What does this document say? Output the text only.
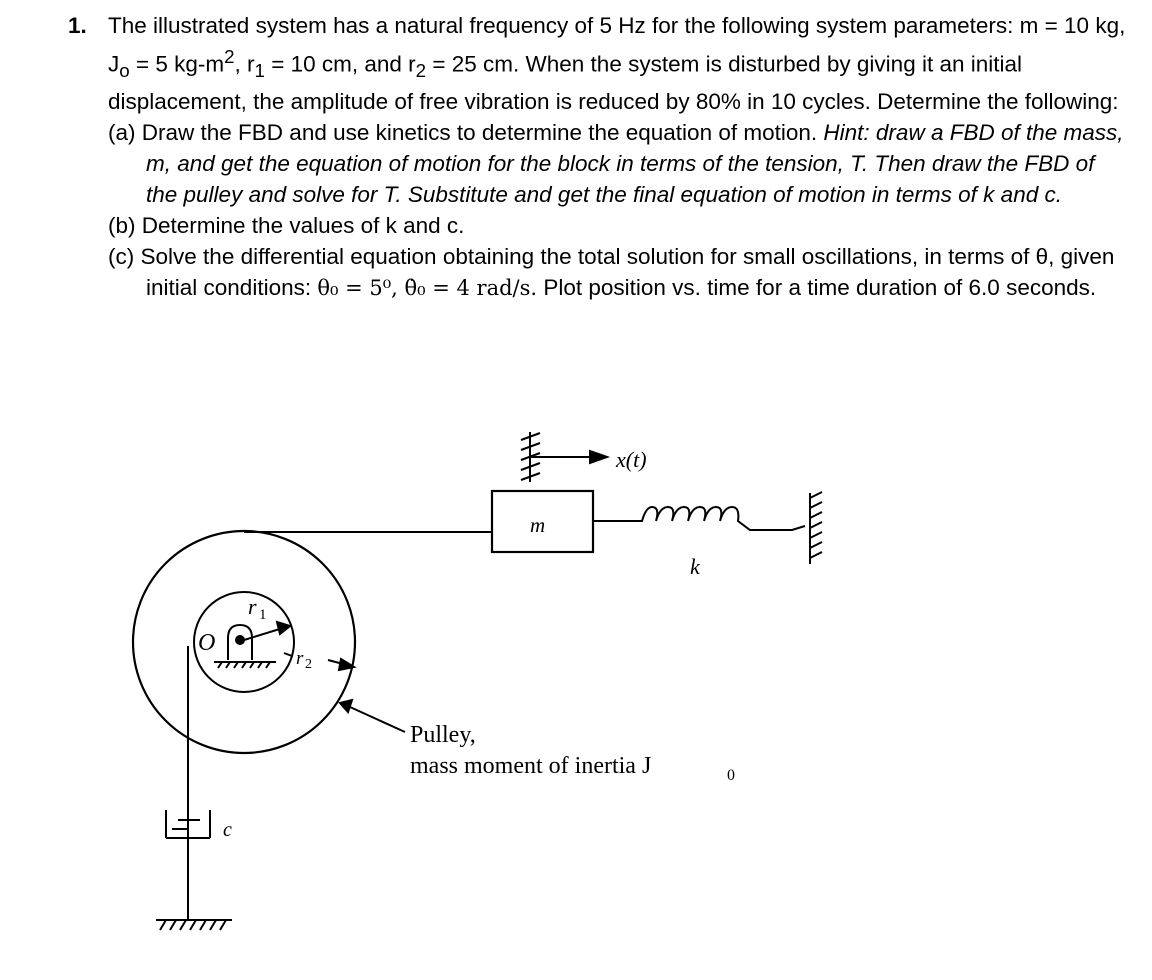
1. The illustrated system has a natural frequency of 5 Hz for the following system parameters: m = 10 kg, $J_o = 5$ $kg-m^2$, $r_1 = 10$ cm, and $r_2 = 25$ cm. When the system is disturbed by giving it an initial displacement, the amplitude of free vibration is reduced by 80% in 10 cycles. Determine the following:
(a) Draw the FBD and use kinetics to determine the equation of motion. Hint: draw a FBD of the mass, m, and get the equation of motion for the block in terms of the tension, T. Then draw the FBD of the pulley and solve for T. Substitute and get the final equation of motion in terms of k and c.
(b) Determine the values of k and c.
(c) Solve the differential equation obtaining the total solution for small oscillations, in terms of θ, given initial conditions: θ₀ = 5⁰, θ̇₀ = 4 rad/s. Plot position vs. time for a time duration of 6.0 seconds.
x(t)
m
k
O
r 1
r 2
c
Pulley,
mass moment of inertia J	0
